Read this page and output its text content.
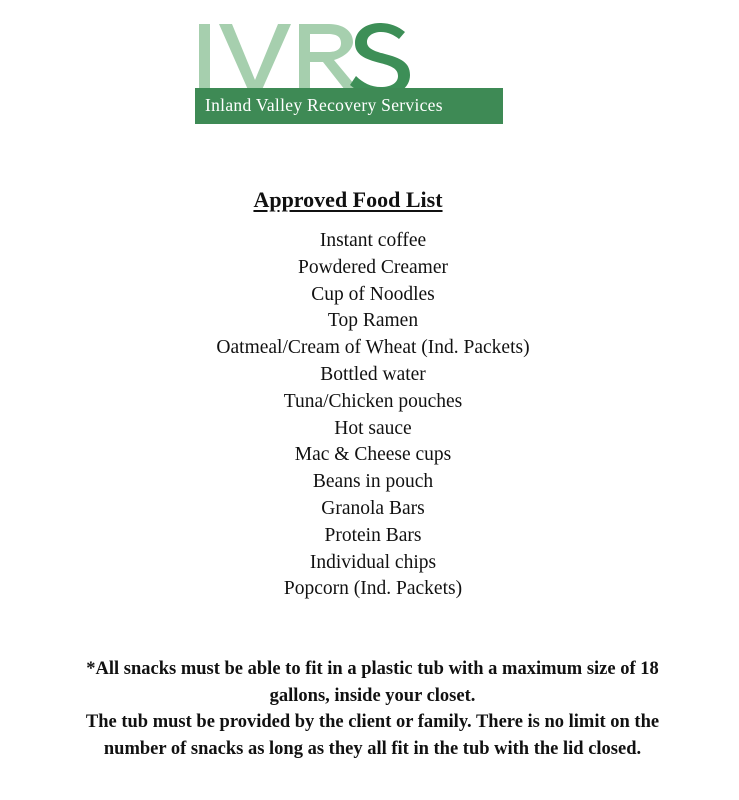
Inland Valley Recovery Services
Approved Food List
Instant coffee
Powdered Creamer
Cup of Noodles
Top Ramen
Oatmeal/Cream of Wheat (Ind. Packets)
Bottled water
Tuna/Chicken pouches
Hot sauce
Mac & Cheese cups
Beans in pouch
Granola Bars
Protein Bars
Individual chips
Popcorn (Ind. Packets)

*All snacks must be able to fit in a plastic tub with a maximum size of 18 gallons, inside your closet.

The tub must be provided by the client or family. There is no limit on the number of snacks as long as they all fit in the tub with the lid closed.
